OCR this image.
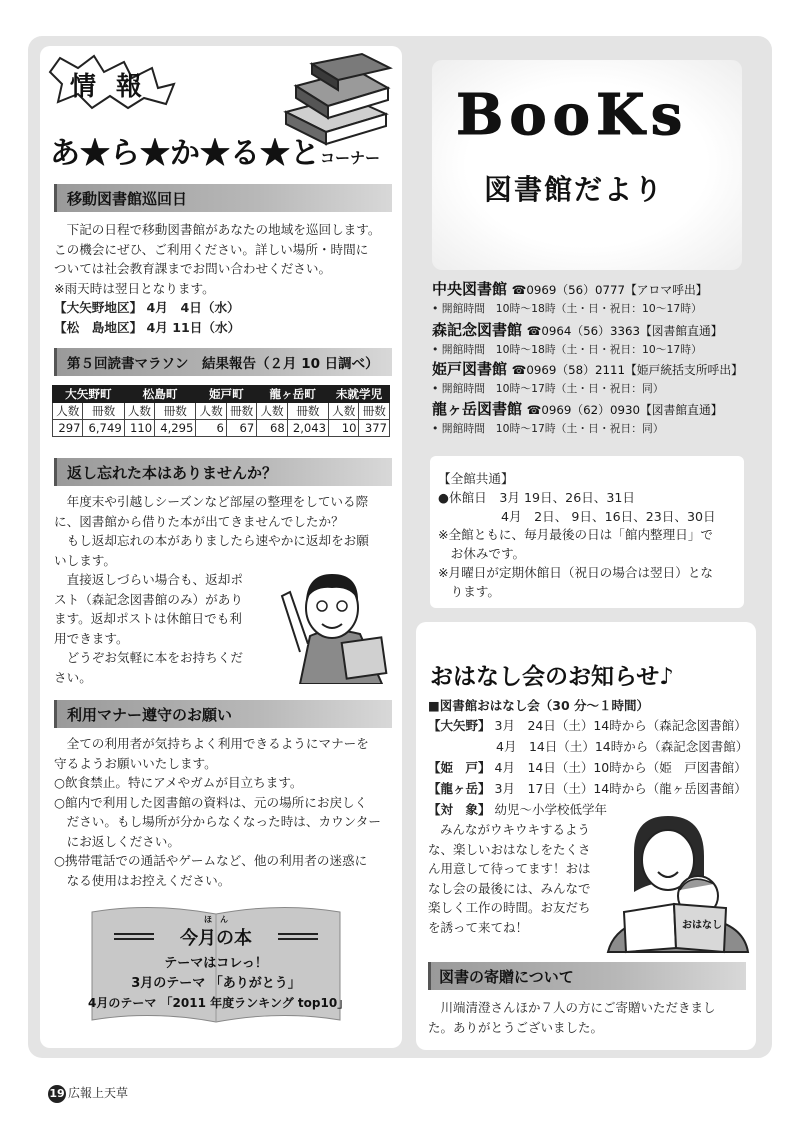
情報
あ★ら★か★る★とコーナー
移動図書館巡回日
下記の日程で移動図書館があなたの地域を巡回します。
この機会にぜひ、ご利用ください。詳しい場所・時間に
ついては社会教育課までお問い合わせください。
※雨天時は翌日となります。
【大矢野地区】 4月　4日（水）
【松　島地区】 4月 11日（水）
第５回読書マラソン　結果報告（２月 10 日調べ）
大矢野町		松島町		姫戸町		龍ヶ岳町		未就学児	
人数	冊数	人数	冊数	人数	冊数	人数	冊数	人数	冊数
297	6,749	110	4,295	6	67	68	2,043	10	377
返し忘れた本はありませんか？
年度末や引越しシーズンなど部屋の整理をしている際
に、図書館から借りた本が出てきませんでしたか？
もし返却忘れの本がありましたら速やかに返却をお願
いします。
直接返しづらい場合も、返却ポ
スト（森記念図書館のみ）があり
ます。返却ポストは休館日でも利
用できます。
どうぞお気軽に本をお持ちくだ
さい。
利用マナー遵守のお願い
全ての利用者が気持ちよく利用できるようにマナーを
守るようお願いいたします。
○飲食禁止。特にアメやガムが目立ちます。
○館内で利用した図書館の資料は、元の場所にお戻しく
ださい。もし場所が分からなくなった時は、カウンター
にお返しください。
○携帯電話での通話やゲームなど、他の利用者の迷惑に
なる使用はお控えください。
ほ　ん
今月の本
テーマはコレっ！
3月のテーマ 「ありがとう」
4月のテーマ 「2011 年度ランキング top10」
BooKs
図書館だより
中央図書館 ☎0969（56）0777【アロマ呼出】
• 開館時間　10時～18時（土・日・祝日：10～17時）
森記念図書館 ☎0964（56）3363【図書館直通】
• 開館時間　10時～18時（土・日・祝日：10～17時）
姫戸図書館 ☎0969（58）2111【姫戸統括支所呼出】
• 開館時間　10時～17時（土・日・祝日：同）
龍ヶ岳図書館 ☎0969（62）0930【図書館直通】
• 開館時間　10時～17時（土・日・祝日：同）
【全館共通】
●休館日　3月 19日、26日、31日
　　　　　4月　2日、 9日、16日、23日、30日
※全館ともに、毎月最後の日は「館内整理日」で
　お休みです。
※月曜日が定期休館日（祝日の場合は翌日）とな
　ります。
おはなし会のお知らせ♪
■図書館おはなし会（30 分～１時間）
【大矢野】 3月　24日（土）14時から（森記念図書館）
4月　14日（土）14時から（森記念図書館）
【姫　戸】 4月　14日（土）10時から（姫　戸図書館）
【龍ヶ岳】 3月　17日（土）14時から（龍ヶ岳図書館）
【対　象】 幼児～小学校低学年
みんながウキウキするよう
な、楽しいおはなしをたくさ
ん用意して待ってます！おは
なし会の最後には、みんなで
楽しく工作の時間。お友だち
を誘って来てね！	おはなし
図書の寄贈について
川端清澄さんほか７人の方にご寄贈いただきまし
た。ありがとうございました。
19 広報上天草
